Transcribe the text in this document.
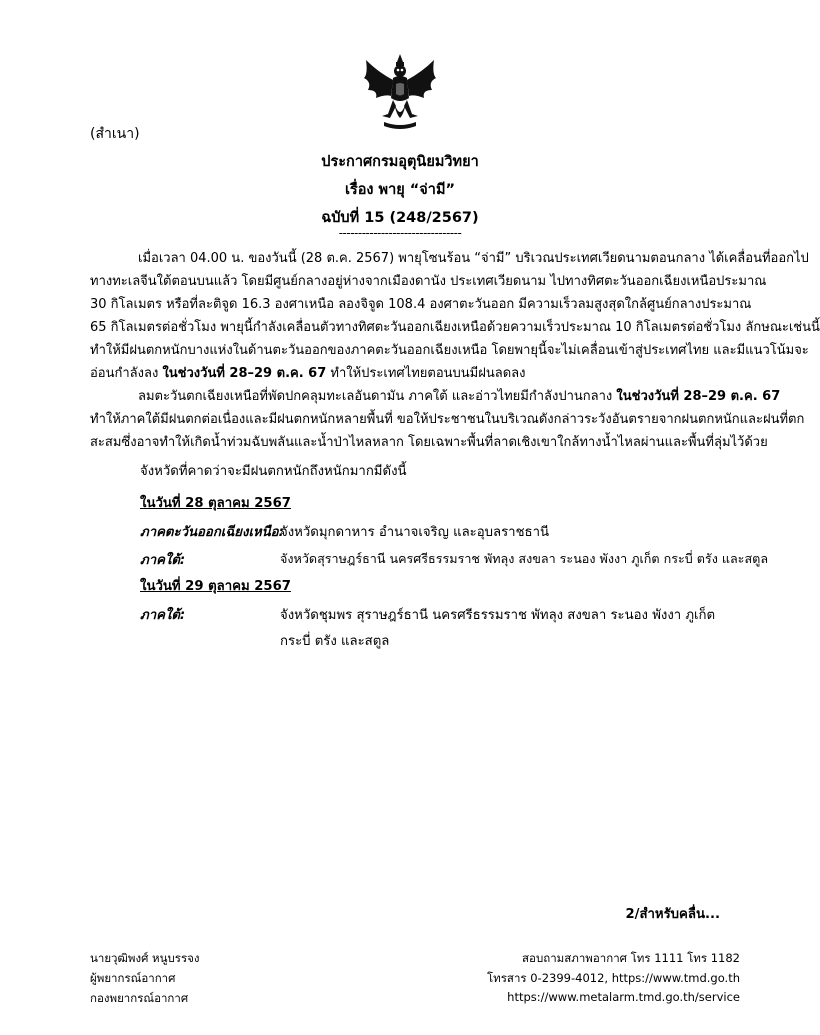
(สำเนา)
ประกาศกรมอุตุนิยมวิทยา
เรื่อง พายุ “จ่ามี”
ฉบับที่ 15 (248/2567)
--------------------------------
เมื่อเวลา 04.00 น. ของวันนี้ (28 ต.ค. 2567) พายุโซนร้อน “จ่ามี” บริเวณประเทศเวียดนามตอนกลาง ได้เคลื่อนที่ออกไป
ทางทะเลจีนใต้ตอนบนแล้ว โดยมีศูนย์กลางอยู่ห่างจากเมืองดานัง ประเทศเวียดนาม ไปทางทิศตะวันออกเฉียงเหนือประมาณ
30 กิโลเมตร หรือที่ละติจูด 16.3 องศาเหนือ ลองจิจูด 108.4 องศาตะวันออก มีความเร็วลมสูงสุดใกล้ศูนย์กลางประมาณ
65 กิโลเมตรต่อชั่วโมง พายุนี้กำลังเคลื่อนตัวทางทิศตะวันออกเฉียงเหนือด้วยความเร็วประมาณ 10 กิโลเมตรต่อชั่วโมง ลักษณะเช่นนี้
ทำให้มีฝนตกหนักบางแห่งในด้านตะวันออกของภาคตะวันออกเฉียงเหนือ โดยพายุนี้จะไม่เคลื่อนเข้าสู่ประเทศไทย และมีแนวโน้มจะ
อ่อนกำลังลง ในช่วงวันที่ 28–29 ต.ค. 67 ทำให้ประเทศไทยตอนบนมีฝนลดลง
ลมตะวันตกเฉียงเหนือที่พัดปกคลุมทะเลอันดามัน ภาคใต้ และอ่าวไทยมีกำลังปานกลาง ในช่วงวันที่ 28–29 ต.ค. 67
ทำให้ภาคใต้มีฝนตกต่อเนื่องและมีฝนตกหนักหลายพื้นที่ ขอให้ประชาชนในบริเวณดังกล่าวระวังอันตรายจากฝนตกหนักและฝนที่ตก
สะสมซึ่งอาจทำให้เกิดน้ำท่วมฉับพลันและน้ำป่าไหลหลาก โดยเฉพาะพื้นที่ลาดเชิงเขาใกล้ทางน้ำไหลผ่านและพื้นที่ลุ่มไว้ด้วย
จังหวัดที่คาดว่าจะมีฝนตกหนักถึงหนักมากมีดังนี้
ในวันที่ 28 ตุลาคม 2567
ภาคตะวันออกเฉียงเหนือ:
จังหวัดมุกดาหาร อำนาจเจริญ และอุบลราชธานี
ภาคใต้:	จังหวัดสุราษฎร์ธานี นครศรีธรรมราช พัทลุง สงขลา ระนอง พังงา ภูเก็ต กระบี่ ตรัง และสตูล
ในวันที่ 29 ตุลาคม 2567
ภาคใต้:	จังหวัดชุมพร สุราษฎร์ธานี นครศรีธรรมราช พัทลุง สงขลา ระนอง พังงา ภูเก็ต
กระบี่ ตรัง และสตูล
2/สำหรับคลื่น...
นายวุฒิพงศ์ หนูบรรจง
ผู้พยากรณ์อากาศ
กองพยากรณ์อากาศ
สอบถามสภาพอากาศ โทร 1111 โทร 1182
โทรสาร 0-2399-4012, https://www.tmd.go.th
https://www.metalarm.tmd.go.th/service
